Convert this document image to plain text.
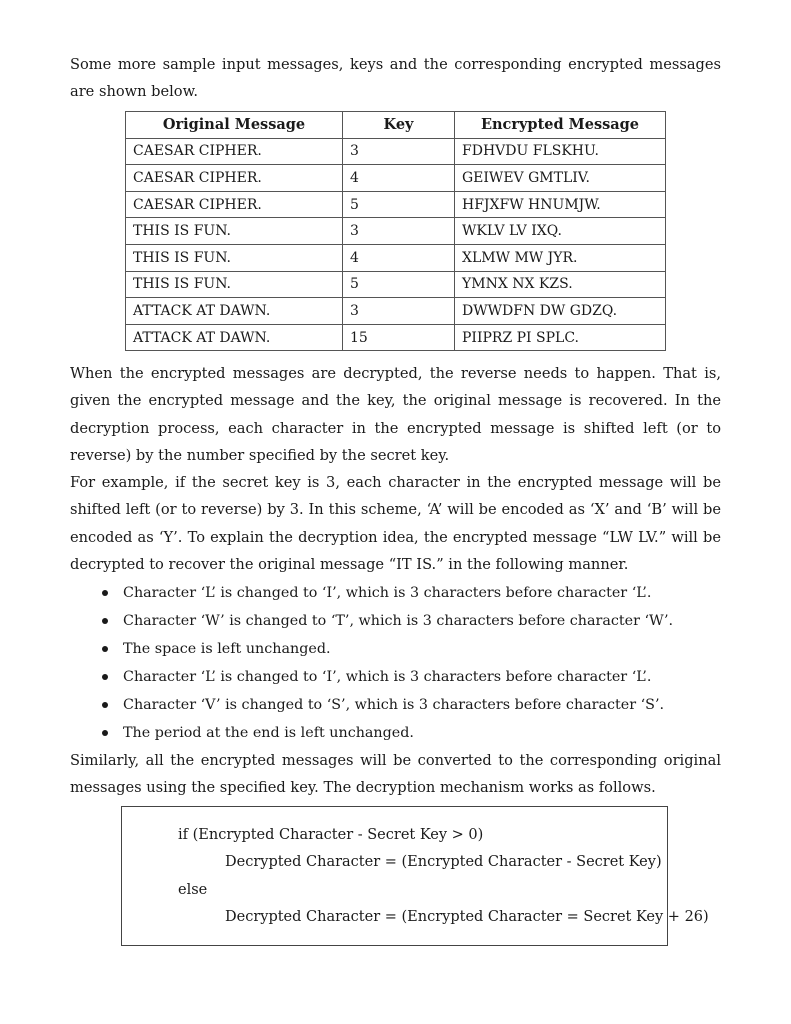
Some more sample input messages, keys and the corresponding encrypted messages are shown below.

Original Message	Key	Encrypted Message
CAESAR CIPHER.	3	FDHVDU FLSKHU.
CAESAR CIPHER.	4	GEIWEV GMTLIV.
CAESAR CIPHER.	5	HFJXFW HNUMJW.
THIS IS FUN.	3	WKLV LV IXQ.
THIS IS FUN.	4	XLMW MW JYR.
THIS IS FUN.	5	YMNX NX KZS.
ATTACK AT DAWN.	3	DWWDFN DW GDZQ.
ATTACK AT DAWN.	15	PIIPRZ PI SPLC.

When the encrypted messages are decrypted, the reverse needs to happen. That is, given the encrypted message and the key, the original message is recovered. In the decryption process, each character in the encrypted message is shifted left (or to reverse) by the number specified by the secret key.

For example, if the secret key is 3, each character in the encrypted message will be shifted left (or to reverse) by 3. In this scheme, ‘A’ will be encoded as ‘X’ and ‘B’ will be encoded as ‘Y’. To explain the decryption idea, the encrypted message “LW LV.” will be decrypted to recover the original message “IT IS.” in the following manner.

Character ‘L’ is changed to ‘I’, which is 3 characters before character ‘L’.
Character ‘W’ is changed to ‘T’, which is 3 characters before character ‘W’.
The space is left unchanged.
Character ‘L’ is changed to ‘I’, which is 3 characters before character ‘L’.
Character ‘V’ is changed to ‘S’, which is 3 characters before character ‘S’.
The period at the end is left unchanged.

Similarly, all the encrypted messages will be converted to the corresponding original messages using the specified key. The decryption mechanism works as follows.

if (Encrypted Character - Secret Key > 0)
Decrypted Character = (Encrypted Character - Secret Key)
else
Decrypted Character = (Encrypted Character = Secret Key + 26)
